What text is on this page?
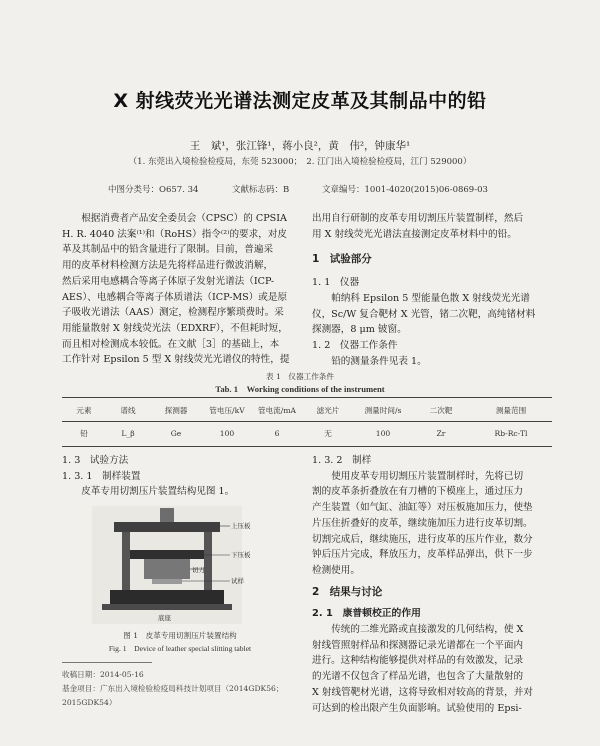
X 射线荧光光谱法测定皮革及其制品中的铅
王　斌¹，张江锋¹，蒋小良²，黄　伟²，钟康华¹
（1. 东莞出入境检验检疫局，东莞 523000；　2. 江门出入境检验检疫局，江门 529000）
中图分类号：O657. 34	文献标志码：B	文章编号：1001-4020(2015)06-0869-03
根据消费者产品安全委员会（CPSC）的 CPSIA
H. R. 4040 法案⁽¹⁾和（RoHS）指令⁽²⁾的要求，对皮
革及其制品中的铅含量进行了限制。目前，普遍采
用的皮革材料检测方法是先将样品进行微波消解，
然后采用电感耦合等离子体原子发射光谱法（ICP-
AES）、电感耦合等离子体质谱法（ICP-MS）或是原
子吸收光谱法（AAS）测定，检测程序繁琐费时。采
用能量散射 X 射线荧光法（EDXRF），不但耗时短，
而且相对检测成本较低。在文献［3］的基础上，本
工作针对 Epsilon 5 型 X 射线荧光光谱仪的特性，提
出用自行研制的皮革专用切割压片装置制样，然后
用 X 射线荧光光谱法直接测定皮革材料中的铅。
1　试验部分
1. 1　仪器
帕纳科 Epsilon 5 型能量色散 X 射线荧光光谱
仪，Sc/W 复合靶材 X 光管，锗二次靶，高纯锗材料
探测器，8 μm 铍窗。
1. 2　仪器工作条件

铅的测量条件见表 1。

表 1　仪器工作条件
Tab. 1　Working conditions of the instrument
元素	谱线	探测器	管电压/kV	管电流/mA	滤光片	测量时间/s	二次靶	测量范围
铅	L_β	Ge	100	6	无	100	Zr	Rb-Rc-Tl
1. 3　试验方法
1. 3. 1　制样装置

皮革专用切割压片装置结构见图 1。

上压板
下压板
试样
切刀
底座
图 1　皮革专用切割压片装置结构
Fig. 1　Device of leather special slitting tablet
收稿日期：2014-05-16
基金项目：广东出入境检验检疫局科技计划项目（2014GDK56；
2015GDK54）
1. 3. 2　制样
使用皮革专用切割压片装置制样时，先将已切
割的皮革条折叠放在有刀槽的下模座上，通过压力
产生装置（如气缸、油缸等）对压板施加压力，使垫
片压住折叠好的皮革，继续施加压力进行皮革切割。
切割完成后，继续施压，进行皮革的压片作业，数分
钟后压片完成，释放压力，皮革样品弹出，供下一步
检测使用。
2　结果与讨论
2. 1　康普顿校正的作用
传统的二维光路或直接激发的几何结构，使 X
射线管照射样品和探测器记录光谱都在一个平面内
进行。这种结构能够提供对样品的有效激发，记录
的光谱不仅包含了样品光谱，也包含了大量散射的
X 射线管靶材光谱，这将导致相对较高的背景，并对
可达到的检出限产生负面影响。试验使用的 Epsi-
